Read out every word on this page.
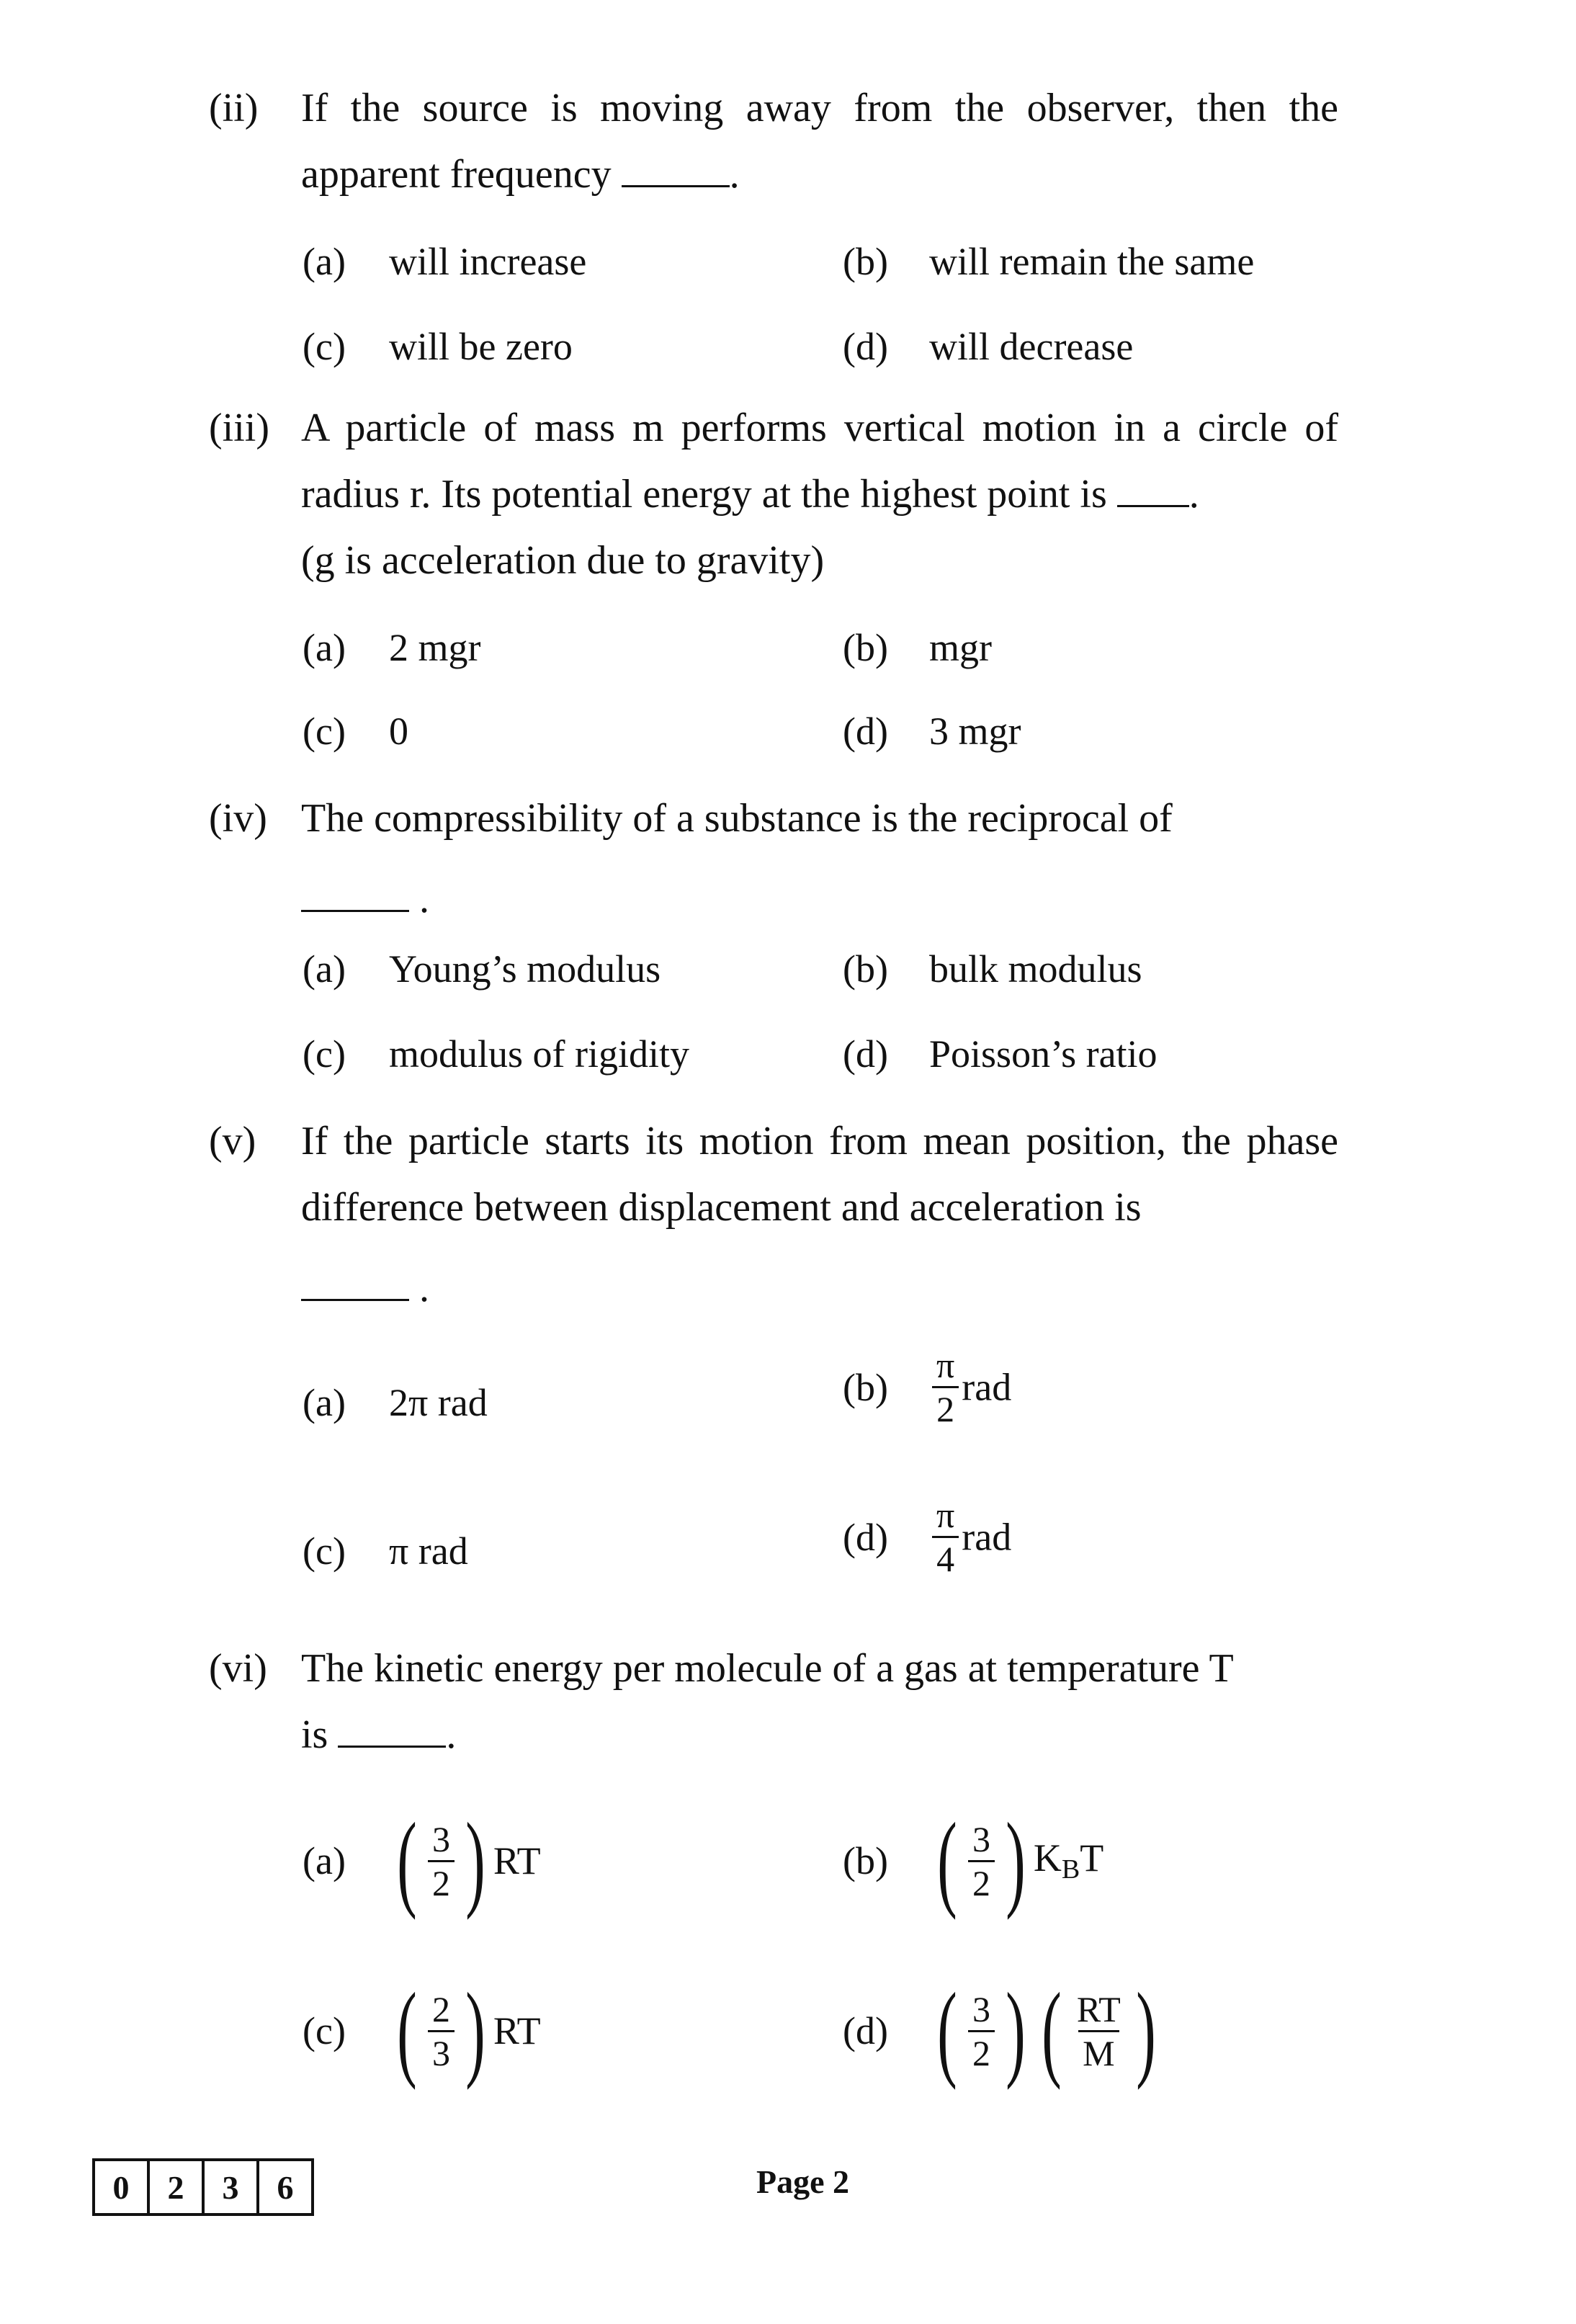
(ii) If the source is moving away from the observer, then the apparent frequency	.
(a) will increase	(b) will remain the same
(c) will be zero	(d) will decrease
(iii) A particle of mass m performs vertical motion in a circle of radius r. Its potential energy at the highest point is .
(g is acceleration due to gravity)
(a) 2 mgr	(b) mgr
(c) 0	(d) 3 mgr
(iv) The compressibility of a substance is the reciprocal of
.
(a) Young’s modulus	(b) bulk modulus
(c) modulus of rigidity	(d) Poisson’s ratio
(v) If the particle starts its motion from mean position, the phase difference between displacement and acceleration is
.
(a) 2π rad	$(b) \frac{\pi}{2}$ rad
(c) π rad	$(d) \frac{\pi}{4}$ rad
(vi) The kinetic energy per molecule of a gas at temperature T
is	.
(a) ( $\frac{3}{2}$ ) RT	(b) ( $\frac{3}{2}$ ) $K_BT$
(c) ( $\frac{2}{3}$ ) RT	(d) ( $\frac{3}{2}$ ) ( $\frac{RT}{M}$ )
0	2	3	6	Page 2
